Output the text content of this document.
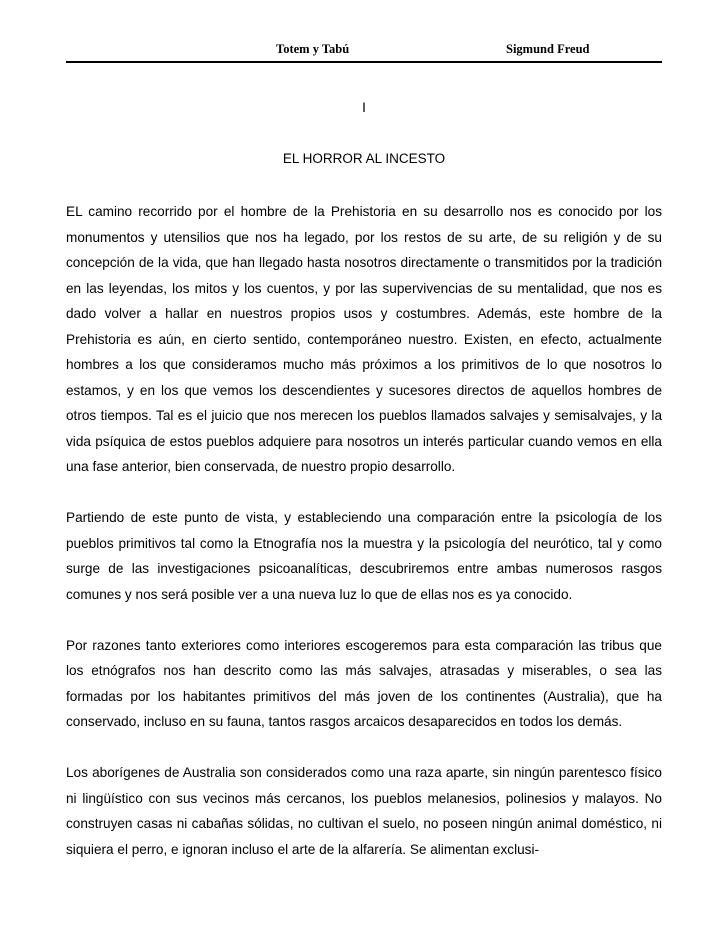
Totem y Tabú	Sigmund Freud
I
EL HORROR AL INCESTO

EL camino recorrido por el hombre de la Prehistoria en su desarrollo nos es conocido por los monumentos y utensilios que nos ha legado, por los restos de su arte, de su religión y de su concepción de la vida, que han llegado hasta nosotros directamente o transmitidos por la tradición en las leyendas, los mitos y los cuentos, y por las supervivencias de su mentalidad, que nos es dado volver a hallar en nuestros propios usos y costumbres. Además, este hombre de la Prehistoria es aún, en cierto sentido, contemporáneo nuestro. Existen, en efecto, actualmente hombres a los que consideramos mucho más próximos a los primitivos de lo que nosotros lo estamos, y en los que vemos los descendientes y sucesores directos de aquellos hombres de otros tiempos. Tal es el juicio que nos merecen los pueblos llamados salvajes y semisalvajes, y la vida psíquica de estos pueblos adquiere para nosotros un interés particular cuando vemos en ella una fase anterior, bien conservada, de nuestro propio desarrollo.

Partiendo de este punto de vista, y estableciendo una comparación entre la psicología de los pueblos primitivos tal como la Etnografía nos la muestra y la psicología del neurótico, tal y como surge de las investigaciones psicoanalíticas, descubriremos entre ambas numerosos rasgos comunes y nos será posible ver a una nueva luz lo que de ellas nos es ya conocido.

Por razones tanto exteriores como interiores escogeremos para esta comparación las tribus que los etnógrafos nos han descrito como las más salvajes, atrasadas y miserables, o sea las formadas por los habitantes primitivos del más joven de los continentes (Australia), que ha conservado, incluso en su fauna, tantos rasgos arcaicos desaparecidos en todos los demás.

Los aborígenes de Australia son considerados como una raza aparte, sin ningún parentesco físico ni lingüístico con sus vecinos más cercanos, los pueblos melanesios, polinesios y malayos. No construyen casas ni cabañas sólidas, no cultivan el suelo, no poseen ningún animal doméstico, ni siquiera el perro, e ignoran incluso el arte de la alfarería. Se alimentan exclusi-
